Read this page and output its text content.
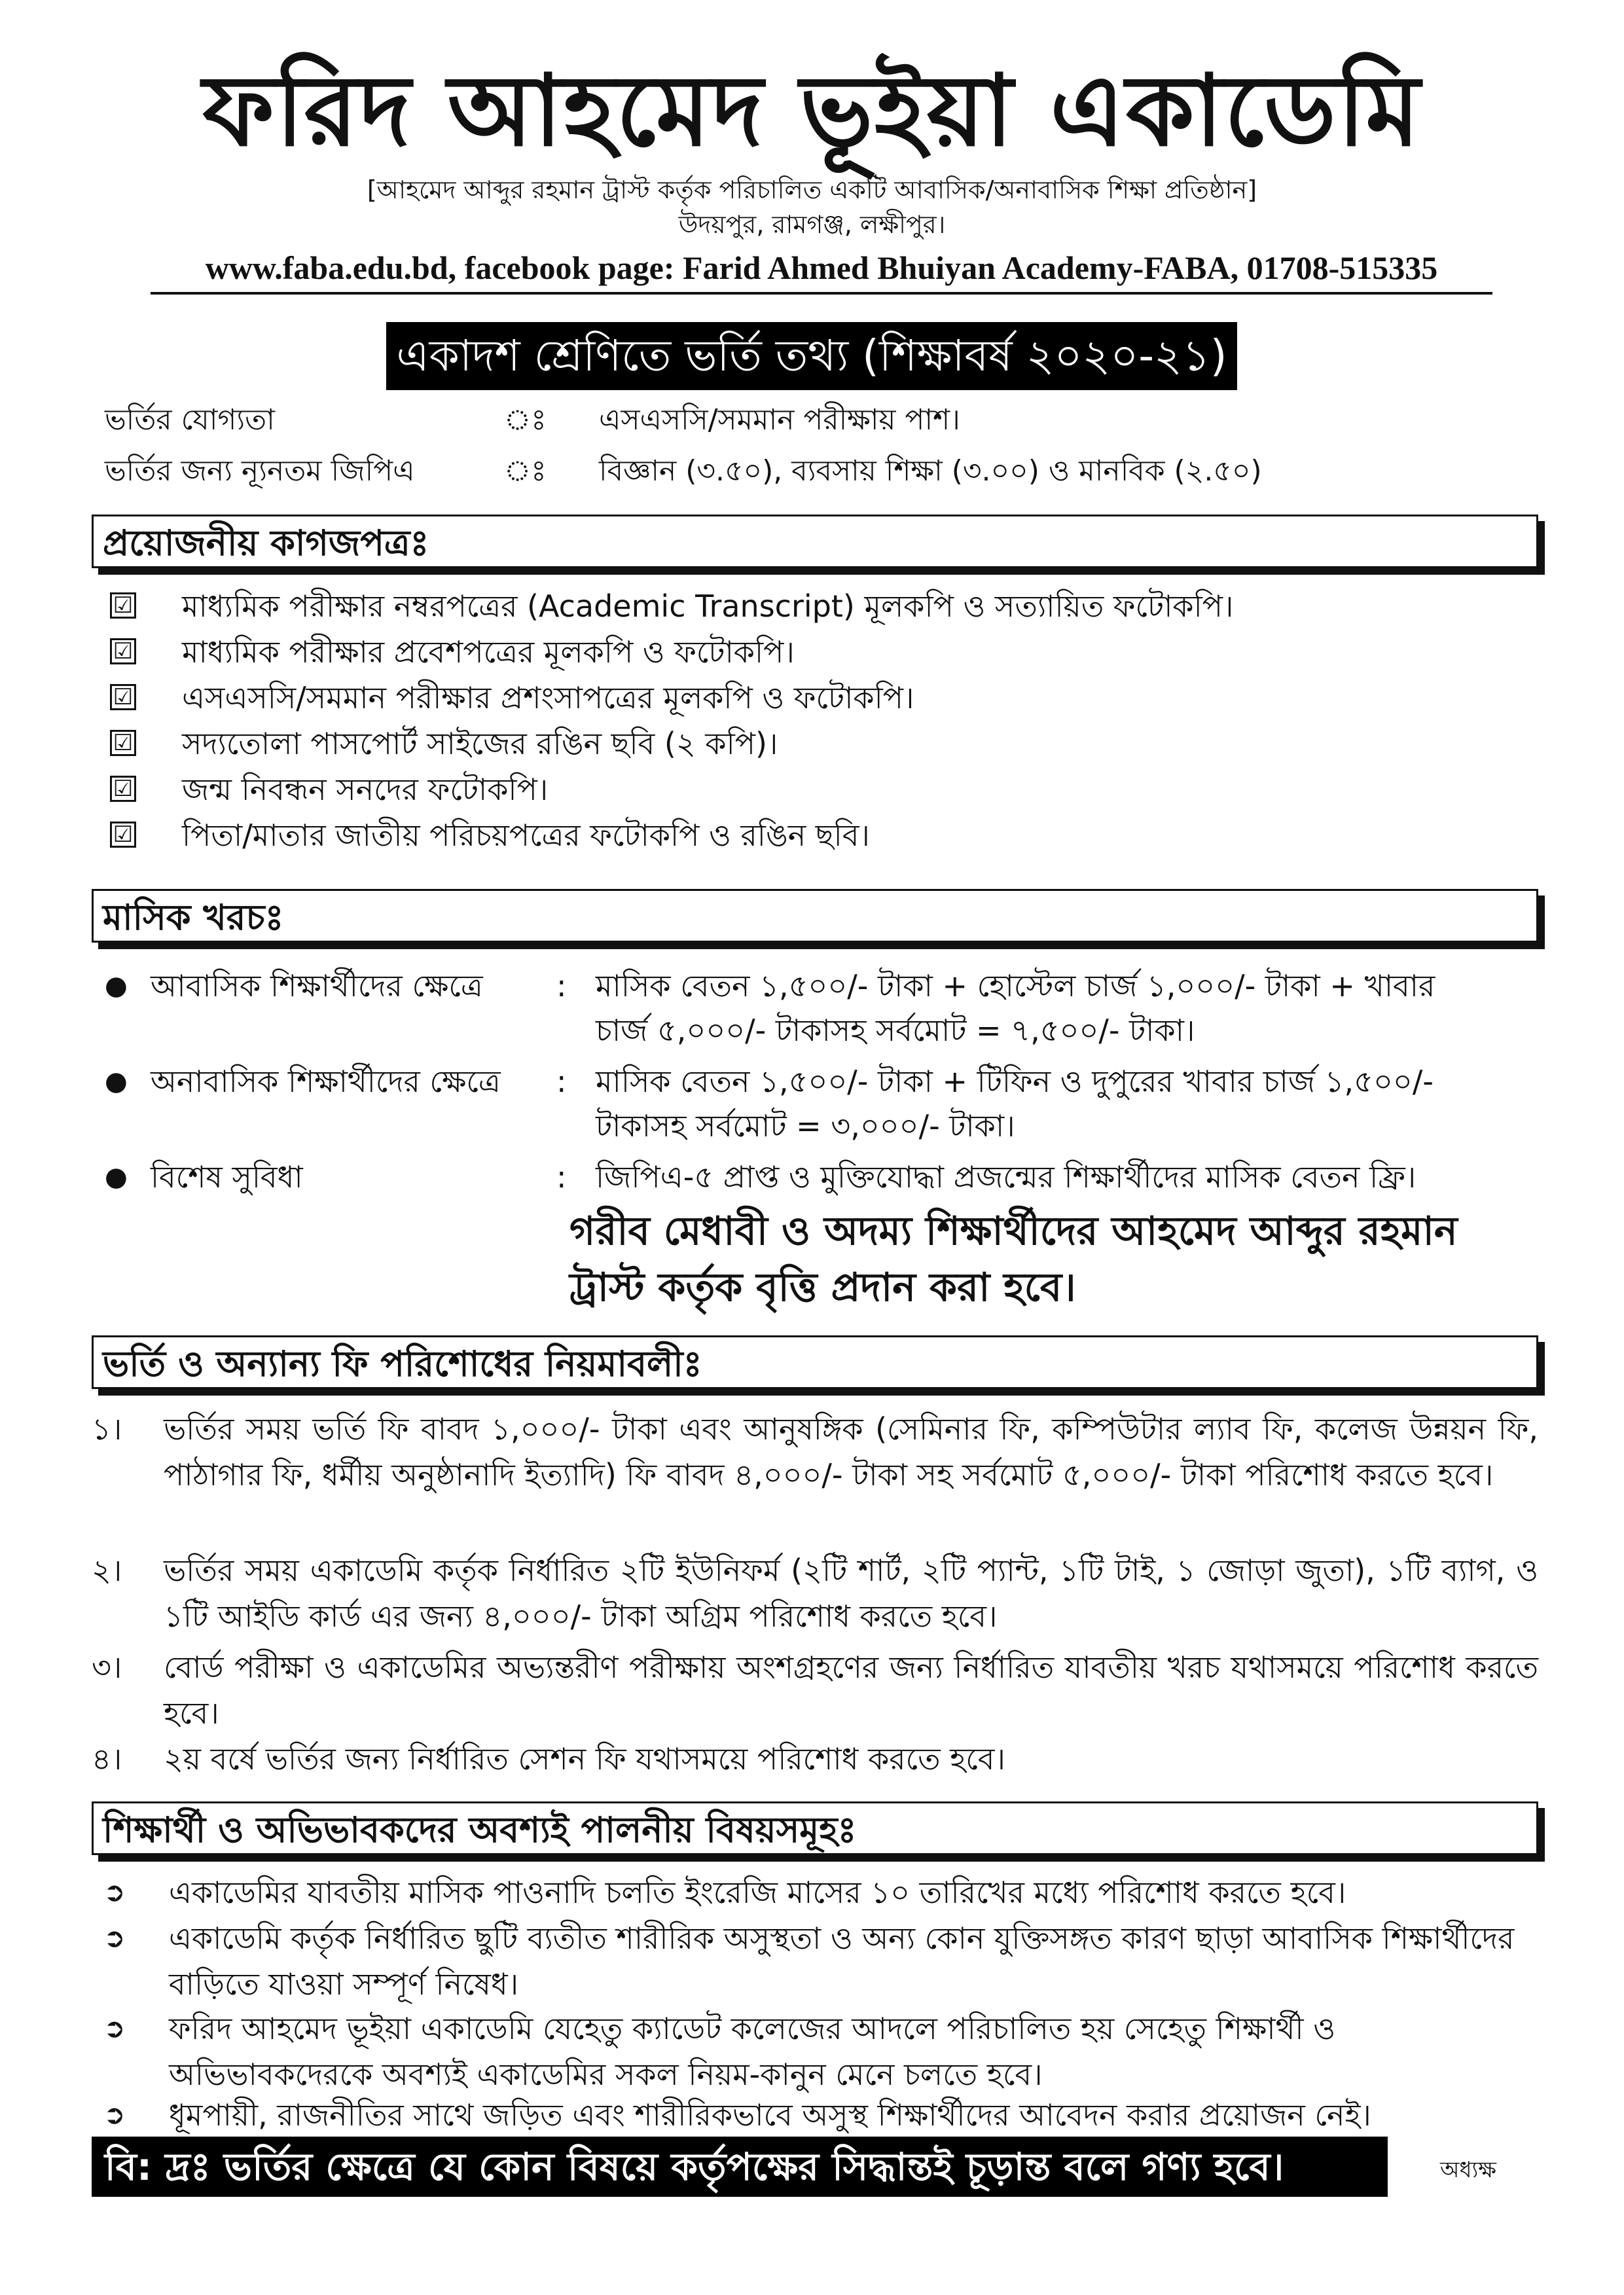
ফরিদ আহমেদ ভূইয়া একাডেমি
[আহমেদ আব্দুর রহমান ট্রাস্ট কর্তৃক পরিচালিত একটি আবাসিক/অনাবাসিক শিক্ষা প্রতিষ্ঠান]
উদয়পুর, রামগঞ্জ, লক্ষীপুর।
www.faba.edu.bd, facebook page: Farid Ahmed Bhuiyan Academy-FABA, 01708-515335
একাদশ শ্রেণিতে ভর্তি তথ্য (শিক্ষাবর্ষ ২০২০-২১)
ভর্তির যোগ্যতা	ঃ এসএসসি/সমমান পরীক্ষায় পাশ।
ভর্তির জন্য ন্যূনতম জিপিএ	ঃ বিজ্ঞান (৩.৫০), ব্যবসায় শিক্ষা (৩.০০) ও মানবিক (২.৫০)
প্রয়োজনীয় কাগজপত্রঃ
☑ মাধ্যমিক পরীক্ষার নম্বরপত্রের (Academic Transcript) মূলকপি ও সত্যায়িত ফটোকপি।
☑ মাধ্যমিক পরীক্ষার প্রবেশপত্রের মূলকপি ও ফটোকপি।
☑ এসএসসি/সমমান পরীক্ষার প্রশংসাপত্রের মূলকপি ও ফটোকপি।
☑ সদ্যতোলা পাসপোর্ট সাইজের রঙিন ছবি (২ কপি)।
☑ জন্ম নিবন্ধন সনদের ফটোকপি।
☑ পিতা/মাতার জাতীয় পরিচয়পত্রের ফটোকপি ও রঙিন ছবি।
মাসিক খরচঃ
● আবাসিক শিক্ষার্থীদের ক্ষেত্রে : মাসিক বেতন ১,৫০০/- টাকা + হোস্টেল চার্জ ১,০০০/- টাকা + খাবার
চার্জ ৫,০০০/- টাকাসহ সর্বমোট = ৭,৫০০/- টাকা।
● অনাবাসিক শিক্ষার্থীদের ক্ষেত্রে : মাসিক বেতন ১,৫০০/- টাকা + টিফিন ও দুপুরের খাবার চার্জ ১,৫০০/-
টাকাসহ সর্বমোট = ৩,০০০/- টাকা।
● বিশেষ সুবিধা	: জিপিএ-৫ প্রাপ্ত ও মুক্তিযোদ্ধা প্রজন্মের শিক্ষার্থীদের মাসিক বেতন ফ্রি।
গরীব মেধাবী ও অদম্য শিক্ষার্থীদের আহমেদ আব্দুর রহমান
ট্রাস্ট কর্তৃক বৃত্তি প্রদান করা হবে।
ভর্তি ও অন্যান্য ফি পরিশোধের নিয়মাবলীঃ
১। ভর্তির সময় ভর্তি ফি বাবদ ১,০০০/- টাকা এবং আনুষঙ্গিক (সেমিনার ফি, কম্পিউটার ল্যাব ফি, কলেজ উন্নয়ন ফি, পাঠাগার ফি, ধর্মীয় অনুষ্ঠানাদি ইত্যাদি) ফি বাবদ ৪,০০০/- টাকা সহ সর্বমোট ৫,০০০/- টাকা পরিশোধ করতে হবে।
২। ভর্তির সময় একাডেমি কর্তৃক নির্ধারিত ২টি ইউনিফর্ম (২টি শার্ট, ২টি প্যান্ট, ১টি টাই, ১ জোড়া জুতা), ১টি ব্যাগ, ও ১টি আইডি কার্ড এর জন্য ৪,০০০/- টাকা অগ্রিম পরিশোধ করতে হবে।
৩। বোর্ড পরীক্ষা ও একাডেমির অভ্যন্তরীণ পরীক্ষায় অংশগ্রহণের জন্য নির্ধারিত যাবতীয় খরচ যথাসময়ে পরিশোধ করতে হবে।
৪। ২য় বর্ষে ভর্তির জন্য নির্ধারিত সেশন ফি যথাসময়ে পরিশোধ করতে হবে।
শিক্ষার্থী ও অভিভাবকদের অবশ্যই পালনীয় বিষয়সমূহঃ
➲ একাডেমির যাবতীয় মাসিক পাওনাদি চলতি ইংরেজি মাসের ১০ তারিখের মধ্যে পরিশোধ করতে হবে।
➲ একাডেমি কর্তৃক নির্ধারিত ছুটি ব্যতীত শারীরিক অসুস্থতা ও অন্য কোন যুক্তিসঙ্গত কারণ ছাড়া আবাসিক শিক্ষার্থীদের বাড়িতে যাওয়া সম্পূর্ণ নিষেধ।
➲ ফরিদ আহমেদ ভূইয়া একাডেমি যেহেতু ক্যাডেট কলেজের আদলে পরিচালিত হয় সেহেতু শিক্ষার্থী ও অভিভাবকদেরকে অবশ্যই একাডেমির সকল নিয়ম-কানুন মেনে চলতে হবে।
➲ ধূমপায়ী, রাজনীতির সাথে জড়িত এবং শারীরিকভাবে অসুস্থ শিক্ষার্থীদের আবেদন করার প্রয়োজন নেই।
বি: দ্রঃ ভর্তির ক্ষেত্রে যে কোন বিষয়ে কর্তৃপক্ষের সিদ্ধান্তই চূড়ান্ত বলে গণ্য হবে।	অধ্যক্ষ
